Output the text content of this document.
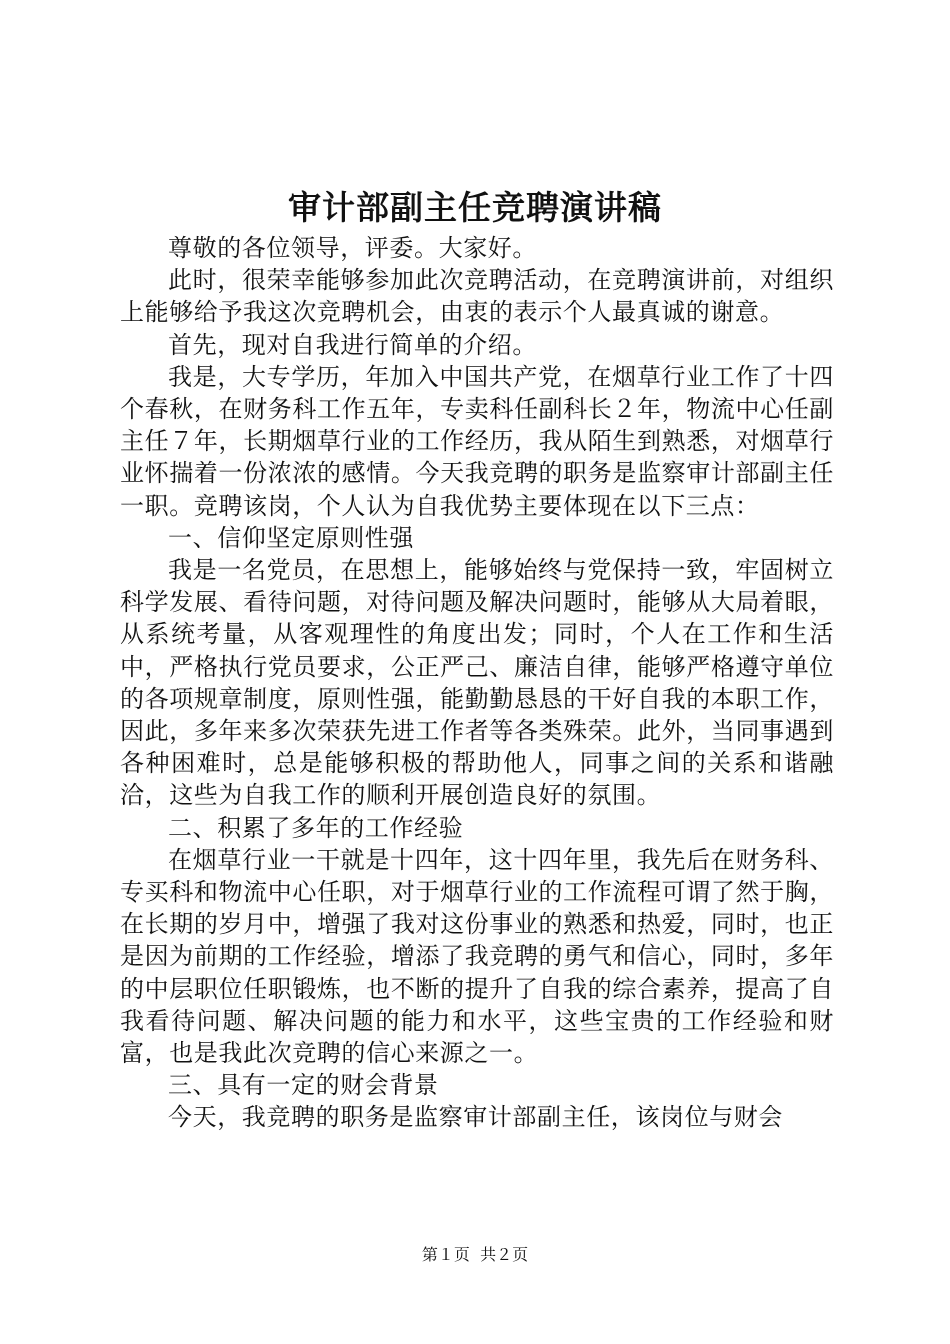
审计部副主任竞聘演讲稿

尊敬的各位领导，评委。大家好。

此时，很荣幸能够参加此次竞聘活动，在竞聘演讲前，对组织上能够给予我这次竞聘机会，由衷的表示个人最真诚的谢意。

首先，现对自我进行简单的介绍。

我是，大专学历，年加入中国共产党，在烟草行业工作了十四个春秋，在财务科工作五年，专卖科任副科长２年，物流中心任副主任７年，长期烟草行业的工作经历，我从陌生到熟悉，对烟草行业怀揣着一份浓浓的感情。今天我竞聘的职务是监察审计部副主任一职。竞聘该岗，个人认为自我优势主要体现在以下三点：

一、信仰坚定原则性强

我是一名党员，在思想上，能够始终与党保持一致，牢固树立科学发展、看待问题，对待问题及解决问题时，能够从大局着眼，从系统考量，从客观理性的角度出发；同时，个人在工作和生活中，严格执行党员要求，公正严己、廉洁自律，能够严格遵守单位的各项规章制度，原则性强，能勤勤恳恳的干好自我的本职工作，因此，多年来多次荣获先进工作者等各类殊荣。此外，当同事遇到各种困难时，总是能够积极的帮助他人，同事之间的关系和谐融洽，这些为自我工作的顺利开展创造良好的氛围。

二、积累了多年的工作经验

在烟草行业一干就是十四年，这十四年里，我先后在财务科、专买科和物流中心任职，对于烟草行业的工作流程可谓了然于胸，在长期的岁月中，增强了我对这份事业的熟悉和热爱，同时，也正是因为前期的工作经验，增添了我竞聘的勇气和信心，同时，多年的中层职位任职锻炼，也不断的提升了自我的综合素养，提高了自我看待问题、解决问题的能力和水平，这些宝贵的工作经验和财富，也是我此次竞聘的信心来源之一。

三、具有一定的财会背景

今天，我竞聘的职务是监察审计部副主任，该岗位与财会

第１页  共２页
